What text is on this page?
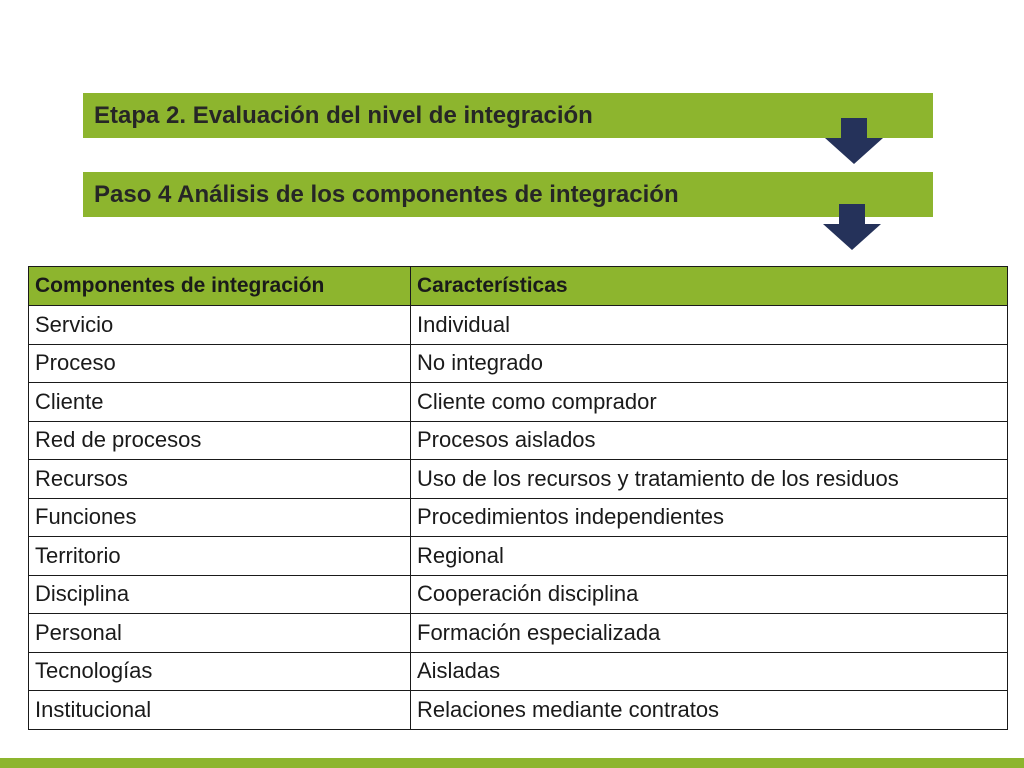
Etapa 2. Evaluación del nivel de integración
Paso 4 Análisis de los componentes de integración
Componentes de integración	Características
Servicio	Individual
Proceso	No integrado
Cliente	Cliente como comprador
Red de procesos	Procesos aislados
Recursos	Uso de los recursos y tratamiento de los residuos
Funciones	Procedimientos independientes
Territorio	Regional
Disciplina	Cooperación disciplina
Personal	Formación especializada
Tecnologías	Aisladas
Institucional	Relaciones mediante contratos
